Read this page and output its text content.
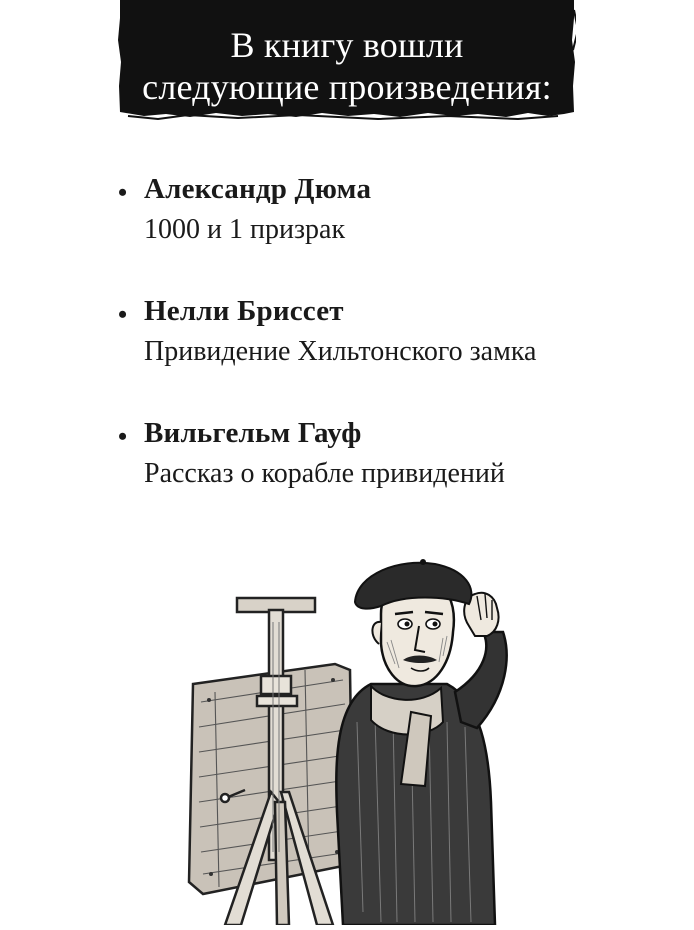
В книгу вошли
следующие произведения:
• Александр Дюма
1000 и 1 призрак
• Нелли Бриссет
Привидение Хильтонского замка
• Вильгельм Гауф
Рассказ о корабле привидений
